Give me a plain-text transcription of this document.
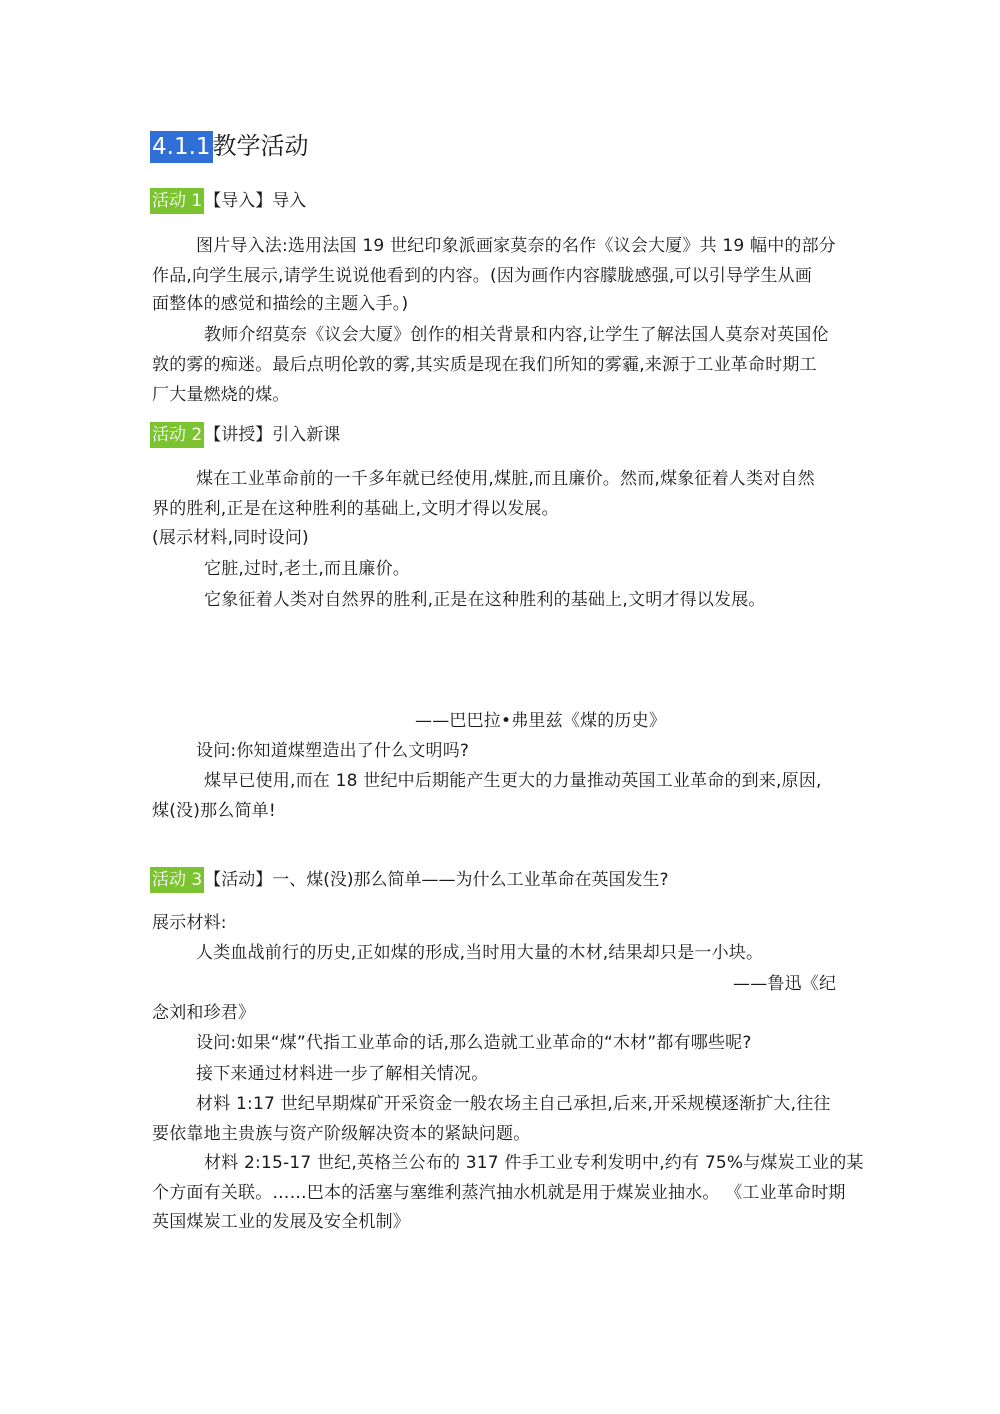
4.1.1教学活动
活动 1 【导入】导入
图片导入法:选用法国 19 世纪印象派画家莫奈的名作《议会大厦》共 19 幅中的部分
作品,向学生展示,请学生说说他看到的内容。(因为画作内容朦胧感强,可以引导学生从画
面整体的感觉和描绘的主题入手。)
教师介绍莫奈《议会大厦》创作的相关背景和内容,让学生了解法国人莫奈对英国伦
敦的雾的痴迷。最后点明伦敦的雾,其实质是现在我们所知的雾霾,来源于工业革命时期工
厂大量燃烧的煤。
活动 2 【讲授】引入新课
煤在工业革命前的一千多年就已经使用,煤脏,而且廉价。然而,煤象征着人类对自然
界的胜利,正是在这种胜利的基础上,文明才得以发展。
(展示材料,同时设问)
它脏,过时,老土,而且廉价。
它象征着人类对自然界的胜利,正是在这种胜利的基础上,文明才得以发展。
——巴巴拉•弗里兹《煤的历史》
设问:你知道煤塑造出了什么文明吗?
煤早已使用,而在 18 世纪中后期能产生更大的力量推动英国工业革命的到来,原因,
煤(没)那么简单!
活动 3 【活动】一、煤(没)那么简单——为什么工业革命在英国发生?
展示材料:
人类血战前行的历史,正如煤的形成,当时用大量的木材,结果却只是一小块。
——鲁迅《纪
念刘和珍君》
设问:如果“煤”代指工业革命的话,那么造就工业革命的“木材”都有哪些呢?
接下来通过材料进一步了解相关情况。
材料 1:17 世纪早期煤矿开采资金一般农场主自己承担,后来,开采规模逐渐扩大,往往
要依靠地主贵族与资产阶级解决资本的紧缺问题。
材料 2:15-17 世纪,英格兰公布的 317 件手工业专利发明中,约有 75%与煤炭工业的某
个方面有关联。……巴本的活塞与塞维利蒸汽抽水机就是用于煤炭业抽水。 《工业革命时期
英国煤炭工业的发展及安全机制》
